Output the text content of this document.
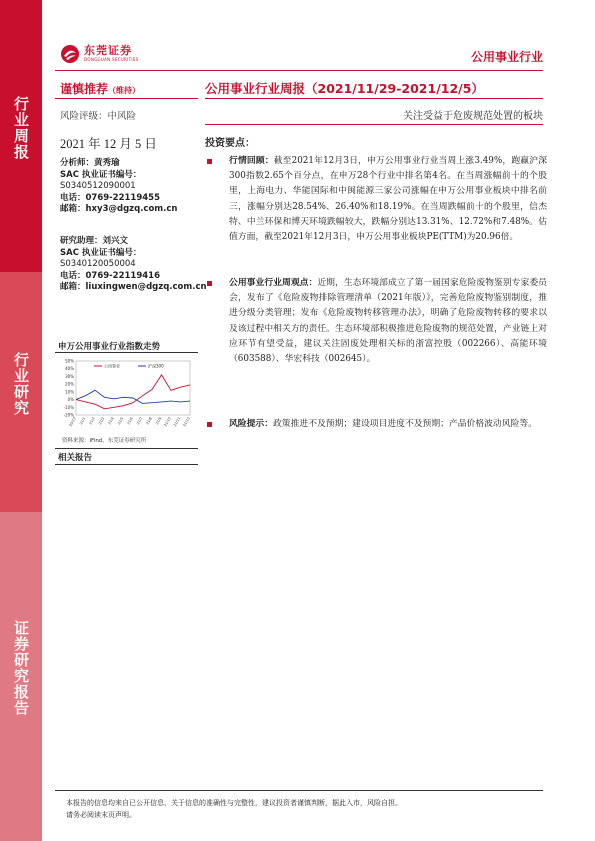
行业周报
行业研究
证券研究报告
东莞证券
DONGGUAN SECURITIES	公用事业行业
谨慎推荐（维持）
风险评级：中风险
2021 年 12 月 5 日
分析师：黄秀瑜
SAC 执业证书编号：
S0340512090001
电话：0769-22119455
邮箱：hxy3@dgzq.com.cn
研究助理：刘兴文
SAC 执业证书编号：
S0340120050004
电话：0769-22119416
邮箱：liuxingwen@dgzq.com.cn
申万公用事业行业指数走势
50%
40%
30%
20%
10%
0%
-10%
-20%
20/12 21/1 21/2 21/3 21/4 21/5 21/6 21/7 21/8 21/9 21/10 21/11 21/12
公用事业	沪深300
资料来源：iFind，东莞证券研究所
相关报告
公用事业行业周报（2021/11/29-2021/12/5）
关注受益于危废规范处置的板块
投资要点：
行情回顾：截至2021年12月3日，申万公用事业行业当周上涨3.49%，跑赢沪深300指数2.65个百分点，在申万28个行业中排名第4名。在当周涨幅前十的个股里，上海电力、华能国际和中闽能源三家公司涨幅在申万公用事业板块中排名前三，涨幅分别达28.54%、26.40%和18.19%。在当周跌幅前十的个股里，信杰特、中兰环保和博天环境跌幅较大，跌幅分别达13.31%、12.72%和7.48%。估值方面，截至2021年12月3日，申万公用事业板块PE(TTM)为20.96倍。
公用事业行业周观点：近期，生态环境部成立了第一届国家危险废物鉴别专家委员会，发布了《危险废物排除管理清单（2021年版）》，完善危险废物鉴别制度，推进分级分类管理；发布《危险废物转移管理办法》，明确了危险废物转移的要求以及该过程中相关方的责任。生态环境部积极推进危险废物的规范处置，产业链上对应环节有望受益，建议关注固废处理相关标的浙富控股（002266）、高能环境（603588）、华宏科技（002645）。
风险提示：政策推进不及预期；建设项目进度不及预期；产品价格波动风险等。
本报告的信息均来自已公开信息，关于信息的准确性与完整性，建议投资者谨慎判断，据此入市，风险自担。
请务必阅读末页声明。
